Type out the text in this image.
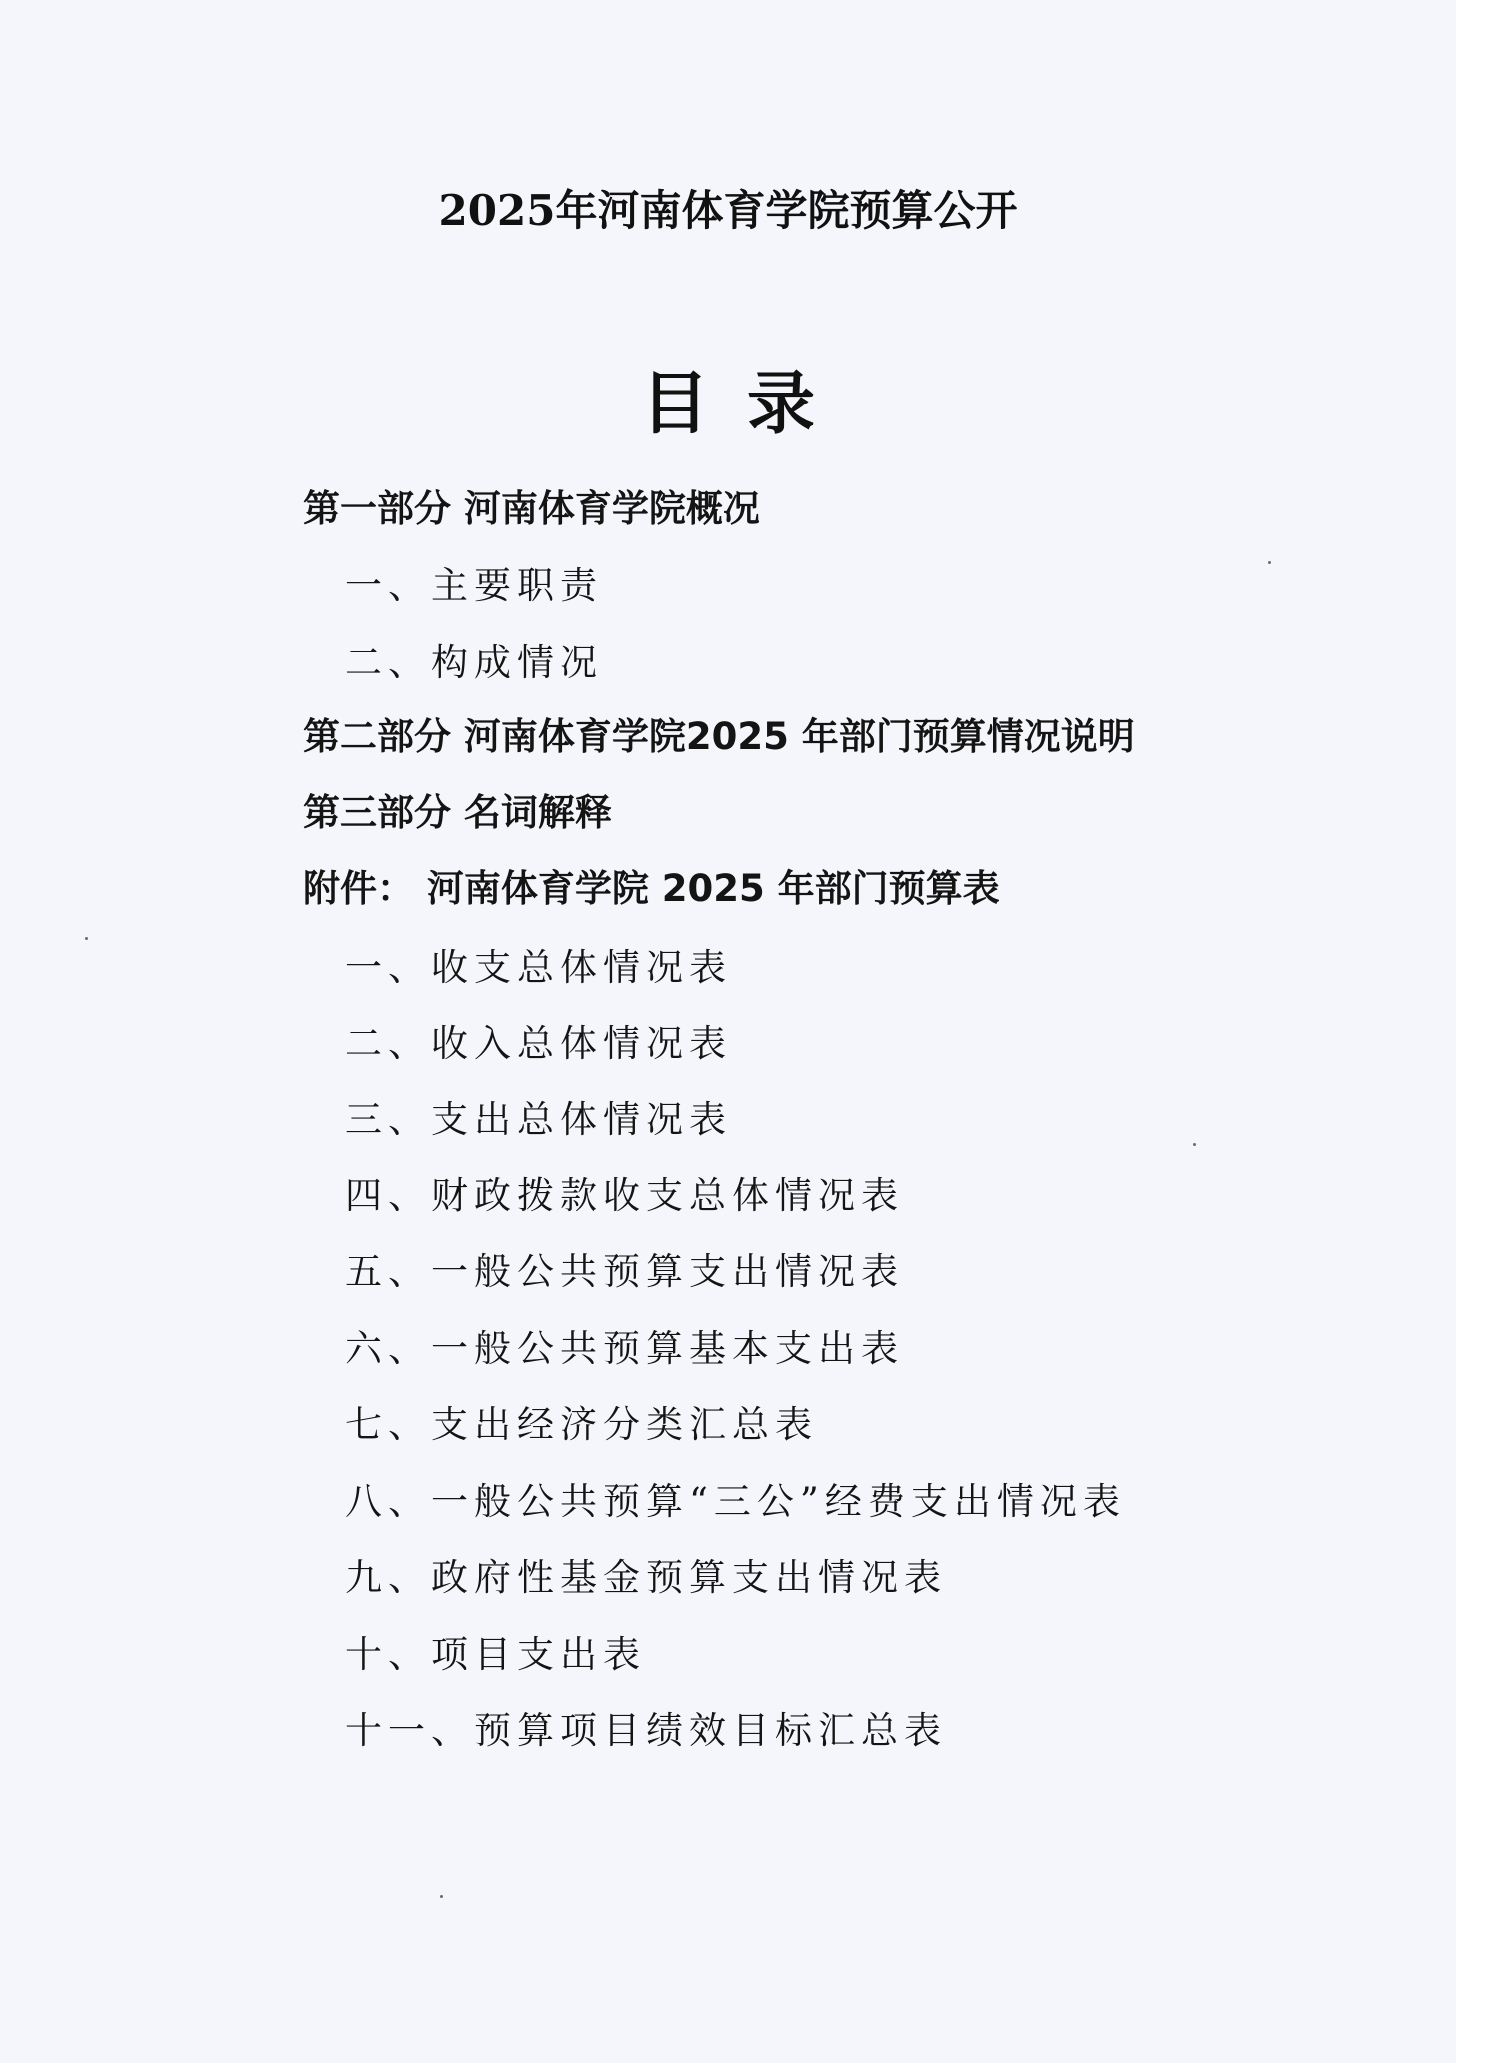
2025年河南体育学院预算公开
目录
第一部分 河南体育学院概况
一、主要职责
二、构成情况
第二部分 河南体育学院2025 年部门预算情况说明
第三部分 名词解释
附件： 河南体育学院 2025 年部门预算表
一、收支总体情况表
二、收入总体情况表
三、支出总体情况表
四、财政拨款收支总体情况表
五、一般公共预算支出情况表
六、一般公共预算基本支出表
七、支出经济分类汇总表
八、一般公共预算“三公”经费支出情况表
九、政府性基金预算支出情况表
十、项目支出表
十一、预算项目绩效目标汇总表
